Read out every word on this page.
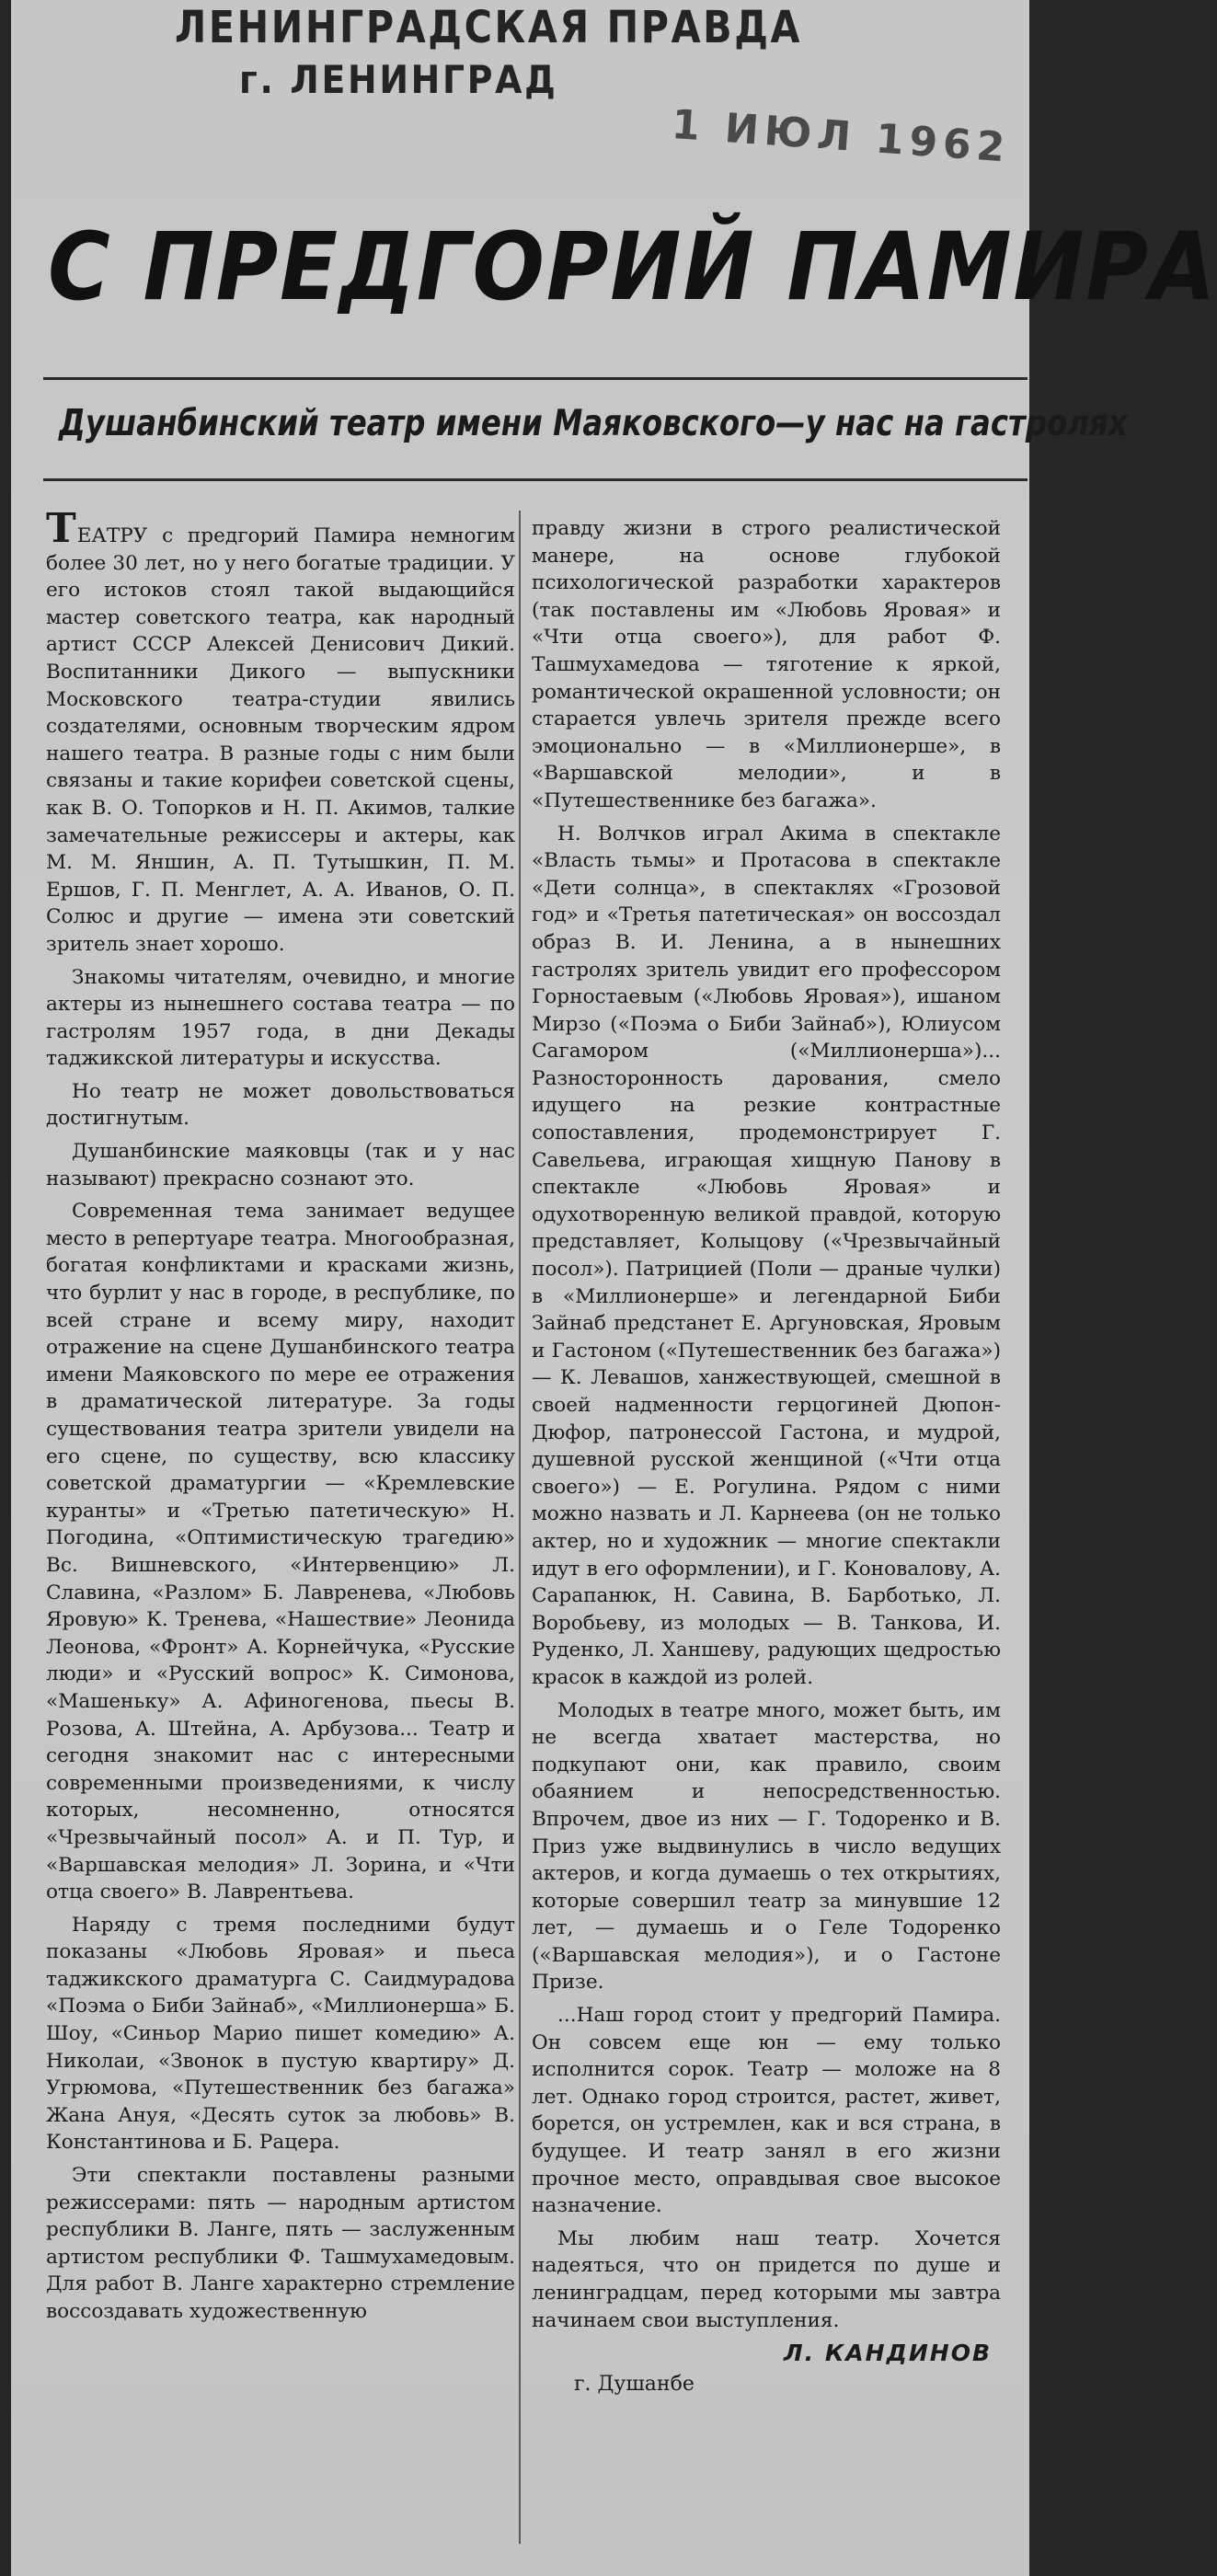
ЛЕНИНГРАДСКАЯ ПРАВДА
г. ЛЕНИНГРАД
1 ИЮЛ 1962
С ПРЕДГОРИЙ ПАМИРА
Душанбинский театр имени Маяковского—у нас на гастролях

ТЕАТРУ с предгорий Памира немногим более 30 лет, но у него богатые традиции. У его истоков стоял такой выдающийся мастер советского театра, как народный артист СССР Алексей Денисович Дикий. Воспитанники Дикого — выпускники Московского театра-студии явились создателями, основным творческим ядром нашего театра. В разные годы с ним были связаны и такие корифеи советской сцены, как В. О. Топорков и Н. П. Акимов, талкие замечательные режиссеры и актеры, как М. М. Яншин, А. П. Тутышкин, П. М. Ершов, Г. П. Менглет, А. А. Иванов, О. П. Солюс и другие — имена эти советский зритель знает хорошо.

Знакомы читателям, очевидно, и многие актеры из нынешнего состава театра — по гастролям 1957 года, в дни Декады таджикской литературы и искусства.

Но театр не может довольствоваться достигнутым.

Душанбинские маяковцы (так и у нас называют) прекрасно сознают это.

Современная тема занимает ведущее место в репертуаре театра. Многообразная, богатая конфликтами и красками жизнь, что бурлит у нас в городе, в республике, по всей стране и всему миру, находит отражение на сцене Душанбинского театра имени Маяковского по мере ее отражения в драматической литературе. За годы существования театра зрители увидели на его сцене, по существу, всю классику советской драматургии — «Кремлевские куранты» и «Третью патетическую» Н. Погодина, «Оптимистическую трагедию» Вс. Вишневского, «Интервенцию» Л. Славина, «Разлом» Б. Лавренева, «Любовь Яровую» К. Тренева, «Нашествие» Леонида Леонова, «Фронт» А. Корнейчука, «Русские люди» и «Русский вопрос» К. Симонова, «Машеньку» А. Афиногенова, пьесы В. Розова, А. Штейна, А. Арбузова... Театр и сегодня знакомит нас с интересными современными произведениями, к числу которых, несомненно, относятся «Чрезвычайный посол» А. и П. Тур, и «Варшавская мелодия» Л. Зорина, и «Чти отца своего» В. Лаврентьева.

Наряду с тремя последними будут показаны «Любовь Яровая» и пьеса таджикского драматурга С. Саидмурадова «Поэма о Биби Зайнаб», «Миллионерша» Б. Шоу, «Синьор Марио пишет комедию» А. Николаи, «Звонок в пустую квартиру» Д. Угрюмова, «Путешественник без багажа» Жана Ануя, «Десять суток за любовь» В. Константинова и Б. Рацера.

Эти спектакли поставлены разными режиссерами: пять — народным артистом республики В. Ланге, пять — заслуженным артистом республики Ф. Ташмухамедовым. Для работ В. Ланге характерно стремление воссоздавать художественную

правду жизни в строго реалистической манере, на основе глубокой психологической разработки характеров (так поставлены им «Любовь Яровая» и «Чти отца своего»), для работ Ф. Ташмухамедова — тяготение к яркой, романтической окрашенной условности; он старается увлечь зрителя прежде всего эмоционально — в «Миллионерше», в «Варшавской мелодии», и в «Путешественнике без багажа».

Н. Волчков играл Акима в спектакле «Власть тьмы» и Протасова в спектакле «Дети солнца», в спектаклях «Грозовой год» и «Третья патетическая» он воссоздал образ В. И. Ленина, а в нынешних гастролях зритель увидит его профессором Горностаевым («Любовь Яровая»), ишаном Мирзо («Поэма о Биби Зайнаб»), Юлиусом Сагамором («Миллионерша»)... Разносторонность дарования, смело идущего на резкие контрастные сопоставления, продемонстрирует Г. Савельева, играющая хищную Панову в спектакле «Любовь Яровая» и одухотворенную великой правдой, которую представляет, Колыцову («Чрезвычайный посол»). Патрицией (Поли — драные чулки) в «Миллионерше» и легендарной Биби Зайнаб предстанет Е. Аргуновская, Яровым и Гастоном («Путешественник без багажа») — К. Левашов, ханжествующей, смешной в своей надменности герцогиней Дюпон-Дюфор, патронессой Гастона, и мудрой, душевной русской женщиной («Чти отца своего») — Е. Рогулина. Рядом с ними можно назвать и Л. Карнеева (он не только актер, но и художник — многие спектакли идут в его оформлении), и Г. Коновалову, А. Сарапанюк, Н. Савина, В. Барботько, Л. Воробьеву, из молодых — В. Танкова, И. Руденко, Л. Ханшеву, радующих щедростью красок в каждой из ролей.

Молодых в театре много, может быть, им не всегда хватает мастерства, но подкупают они, как правило, своим обаянием и непосредственностью. Впрочем, двое из них — Г. Тодоренко и В. Приз уже выдвинулись в число ведущих актеров, и когда думаешь о тех открытиях, которые совершил театр за минувшие 12 лет, — думаешь и о Геле Тодоренко («Варшавская мелодия»), и о Гастоне Призе.

...Наш город стоит у предгорий Памира. Он совсем еще юн — ему только исполнится сорок. Театр — моложе на 8 лет. Однако город строится, растет, живет, борется, он устремлен, как и вся страна, в будущее. И театр занял в его жизни прочное место, оправдывая свое высокое назначение.

Мы любим наш театр. Хочется надеяться, что он придется по душе и ленинградцам, перед которыми мы завтра начинаем свои выступления.

Л. КАНДИНОВ
г. Душанбе
